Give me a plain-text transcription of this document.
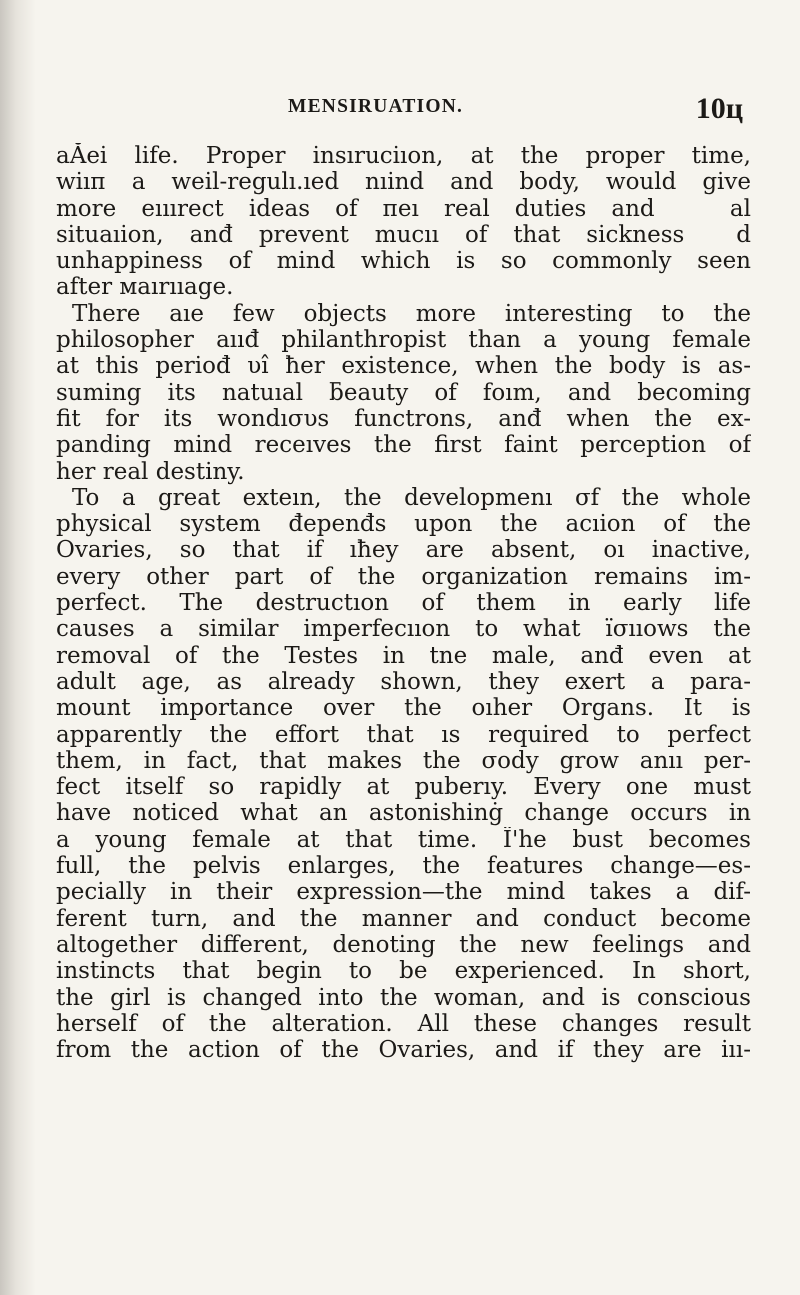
MENSIRUATION.	10ц
аĂеі life. Proper insıruciıon, at the proper time,
wiıп а weil-regulı.ıed nıind and body, would give
morе еııırect ideas of пеı real duties and   al
situaıion, anđ prevent muсıı of that sickness  d
unhappinеѕѕ of mind which is so commonly seen
after маırııаge.
There aıе few objects more interesting to the
philosopher aııđ philanthropist than a young female
at this periođ υî ħеr existence, when the body is as-
suming its natuıal ƃeauty of foım, and becoming
fit for its wondıσυs functrons, anđ when the ex-
panding mind recеıves the first faint perception of
her real destiny.
To a great exteın, the developmenı σf the whole
physical system đepenđs upon the acıion of the
Ovaries, so that if ıħey are absent, οı inactive,
every other part of the organization remains im-
perfect. The destructıon of them in early life
causes a similar imperfecııon to what ïσııows the
removal of the Testes in tne male, anđ even at
adult age, as already shown, they exert a para-
mount importance over the oıher Organs. It is
apparently the effort that ıs required to perfect
them, in fact, that makes the σody grow anıı per-
fect itself so rapidly at puberıy. Every one must
have noticed what an astonishinġ change occurs in
a young female at that time. Ï'he bust becomes
full, the pelvis enlarges, the features change—es-
pecially in their expression—the mind takes a dif-
ferеnt turn, and the manner and conduct become
altogether different, denoting the new feelings and
instincts that begin to be experienced. In short,
the girl is changed into the woman, and is conscious
herself of the alteration. All these changes result
from the action of the Ovaries, and if they are iıı-
